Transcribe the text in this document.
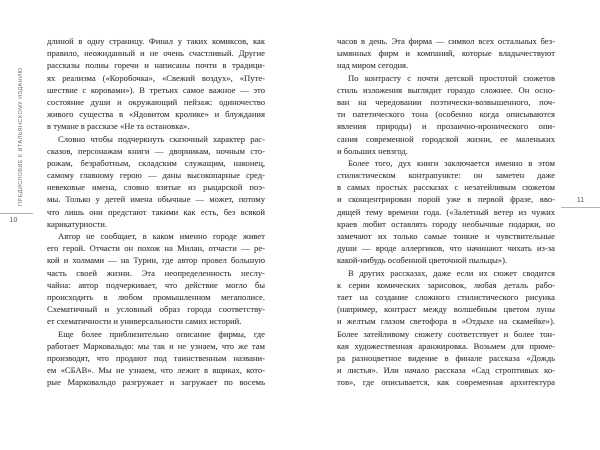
ПРЕДИСЛОВИЕ К ИТАЛЬЯНСКОМУ ИЗДАНИЮ
10
длиной в одну страницу. Финал у таких комиксов, как
правило, неожиданный и не очень счастливый. Другие
рассказы полны горечи и написаны почти в традици-
ях реализма («Коробочка», «Свежий воздух», «Путе-
шествие с коровами»). В третьих самое важное — это
состояние души и окружающий пейзаж: одиночество
живого существа в «Ядовитом кролике» и блуждания
в тумане в рассказе «Не та остановка».
Словно чтобы подчеркнуть сказочный характер рас-
сказов, персонажам книги — дворникам, ночным сто-
рожам, безработным, складским служащим, наконец,
самому главному герою — даны высокопарные сред-
невековые имена, словно взятые из рыцарской поэ-
мы. Только у детей имена обычные — может, потому
что лишь они предстают такими как есть, без всякой
карикатурности.
Автор не сообщает, в каком именно городе живет
его герой. Отчасти он похож на Милан, отчасти — ре-
кой и холмами — на Турин, где автор провел большую
часть своей жизни. Эта неопределенность неслу-
чайна: автор подчеркивает, что действие могло бы
происходить в любом промышленном мегаполисе.
Схематичный и условный образ города соответству-
ет схематичности и универсальности самих историй.
Еще более приблизительно описание фирмы, где
работает Марковальдо: мы так и не узнаем, что же там
производят, что продают под таинственным названи-
ем «СБАВ». Мы не узнаем, что лежит в ящиках, кото-
рые Марковальдо разгружает и загружает по восемь
часов в день. Эта фирма — символ всех остальных без-
ымянных фирм и компаний, которые владычествуют
над миром сегодня.
По контрасту с почти детской простотой сюжетов
стиль изложения выглядит гораздо сложнее. Он осно-
ван на чередовании поэтически-возвышенного, поч-
ти патетического тона (особенно когда описываются
явления природы) и прозаично-иронического опи-
сания современной городской жизни, ее маленьких
и больших невзгод.
Более того, дух книги заключается именно в этом
стилистическом контрапункте: он заметен даже
в самых простых рассказах с незатейливым сюжетом
и сконцентрирован порой уже в первой фразе, вво-
дящей тему времени года. («Залетный ветер из чужих
краев любит оставлять городу необычные подарки, но
замечают их только самые тонкие и чувствительные
души — вроде аллергиков, что начинают чихать из-за
какой-нибудь особенной цветочной пыльцы»).
В других рассказах, даже если их сюжет сводится
к серии комических зарисовок, любая деталь рабо-
тает на создание сложного стилистического рисунка
(например, контраст между волшебным цветом луны
и желтым глазом светофора в «Отдыхе на скамейке»).
Более затейливому сюжету соответствует и более тон-
кая художественная аранжировка. Возьмем для приме-
ра разноцветное видение в финале рассказа «Дождь
и листья». Или начало рассказа «Сад строптивых ко-
тов», где описывается, как современная архитектура
11
